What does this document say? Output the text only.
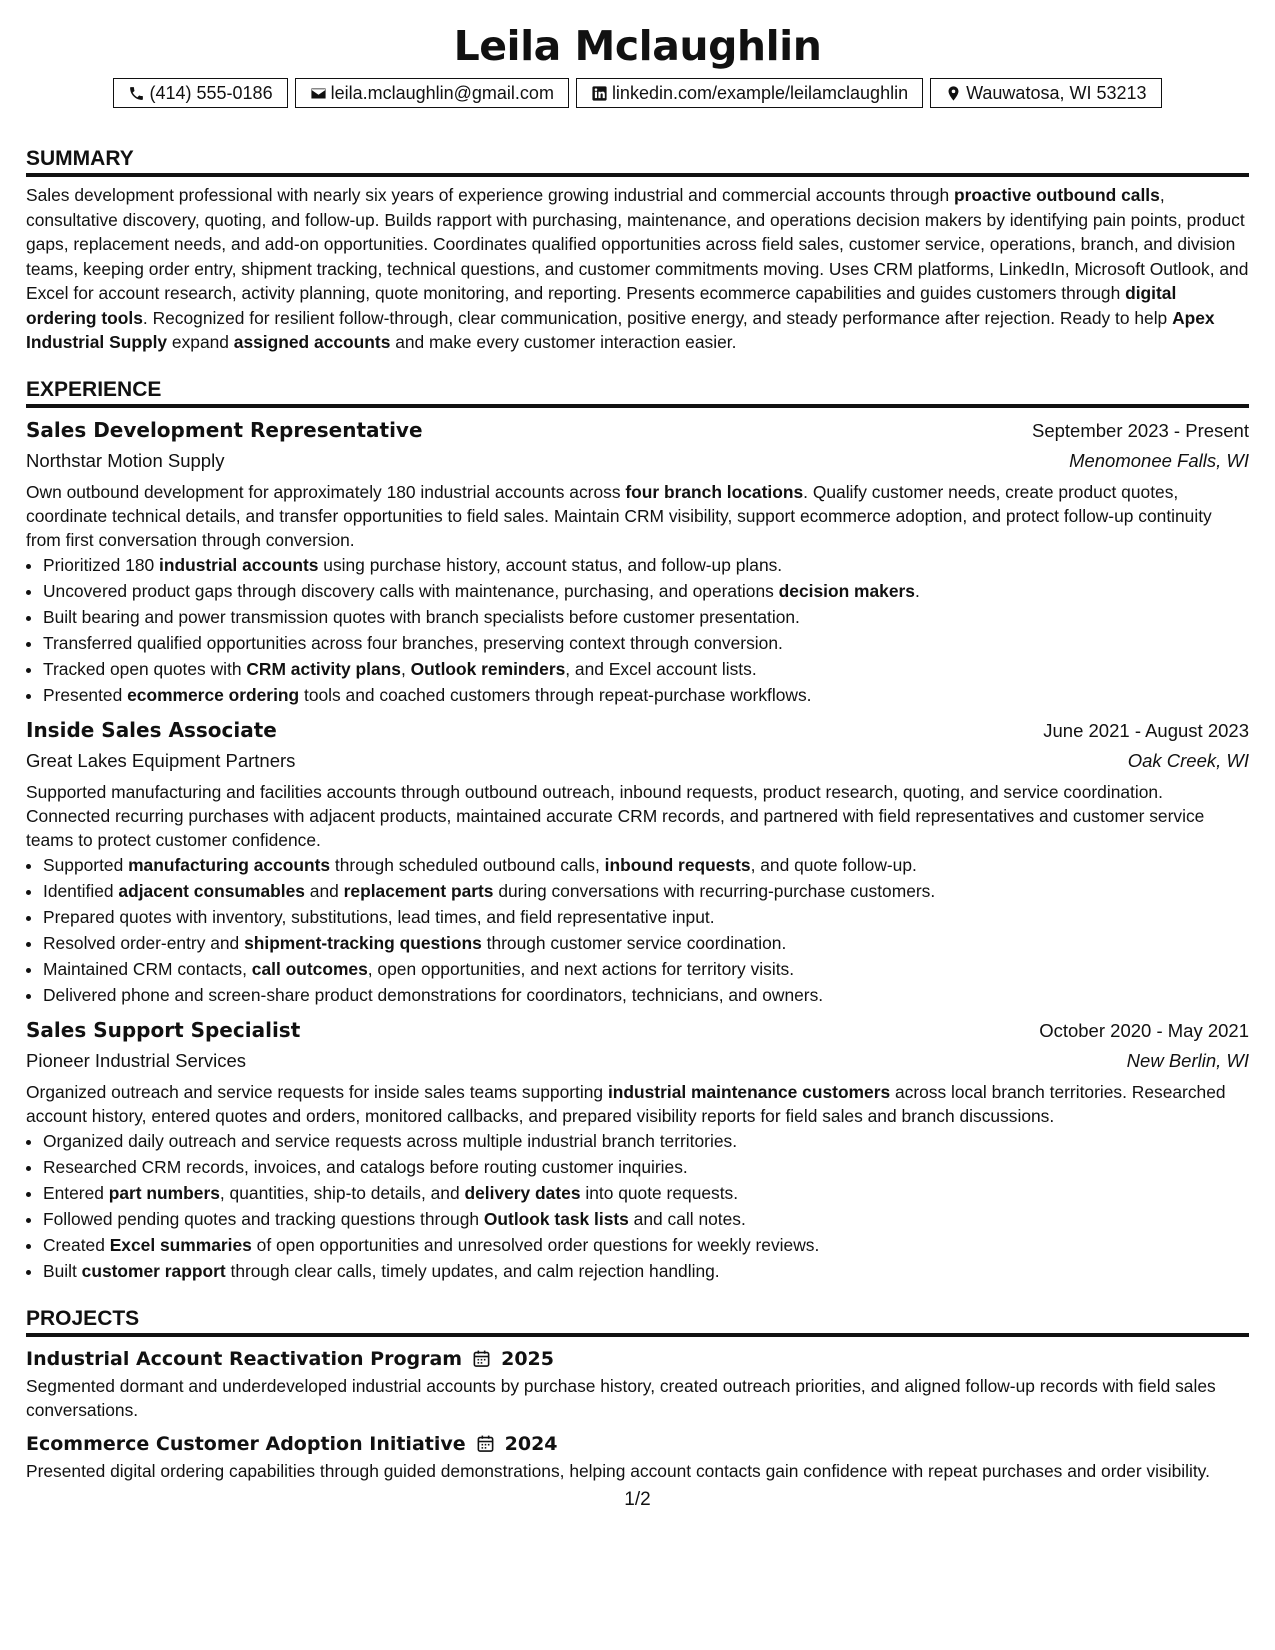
Leila Mclaughlin
(414) 555-0186	leila.mclaughlin@gmail.com	linkedin.com/example/leilamclaughlin	Wauwatosa, WI 53213
SUMMARY

Sales development professional with nearly six years of experience growing industrial and commercial accounts through proactive outbound calls, consultative discovery, quoting, and follow-up. Builds rapport with purchasing, maintenance, and operations decision makers by identifying pain points, product gaps, replacement needs, and add-on opportunities. Coordinates qualified opportunities across field sales, customer service, operations, branch, and division teams, keeping order entry, shipment tracking, technical questions, and customer commitments moving. Uses CRM platforms, LinkedIn, Microsoft Outlook, and Excel for account research, activity planning, quote monitoring, and reporting. Presents ecommerce capabilities and guides customers through digital ordering tools. Recognized for resilient follow-through, clear communication, positive energy, and steady performance after rejection. Ready to help Apex Industrial Supply expand assigned accounts and make every customer interaction easier.

EXPERIENCE
Sales Development Representative	September 2023 - Present
Northstar Motion Supply	Menomonee Falls, WI

Own outbound development for approximately 180 industrial accounts across four branch locations. Qualify customer needs, create product quotes, coordinate technical details, and transfer opportunities to field sales. Maintain CRM visibility, support ecommerce adoption, and protect follow-up continuity from first conversation through conversion.

• Prioritized 180 industrial accounts using purchase history, account status, and follow-up plans.
• Uncovered product gaps through discovery calls with maintenance, purchasing, and operations decision makers.
• Built bearing and power transmission quotes with branch specialists before customer presentation.
• Transferred qualified opportunities across four branches, preserving context through conversion.
• Tracked open quotes with CRM activity plans, Outlook reminders, and Excel account lists.
• Presented ecommerce ordering tools and coached customers through repeat-purchase workflows.
Inside Sales Associate	June 2021 - August 2023
Great Lakes Equipment Partners	Oak Creek, WI

Supported manufacturing and facilities accounts through outbound outreach, inbound requests, product research, quoting, and service coordination. Connected recurring purchases with adjacent products, maintained accurate CRM records, and partnered with field representatives and customer service teams to protect customer confidence.

• Supported manufacturing accounts through scheduled outbound calls, inbound requests, and quote follow-up.
• Identified adjacent consumables and replacement parts during conversations with recurring-purchase customers.
• Prepared quotes with inventory, substitutions, lead times, and field representative input.
• Resolved order-entry and shipment-tracking questions through customer service coordination.
• Maintained CRM contacts, call outcomes, open opportunities, and next actions for territory visits.
• Delivered phone and screen-share product demonstrations for coordinators, technicians, and owners.
Sales Support Specialist	October 2020 - May 2021
Pioneer Industrial Services	New Berlin, WI

Organized outreach and service requests for inside sales teams supporting industrial maintenance customers across local branch territories. Researched account history, entered quotes and orders, monitored callbacks, and prepared visibility reports for field sales and branch discussions.

• Organized daily outreach and service requests across multiple industrial branch territories.
• Researched CRM records, invoices, and catalogs before routing customer inquiries.
• Entered part numbers, quantities, ship-to details, and delivery dates into quote requests.
• Followed pending quotes and tracking questions through Outlook task lists and call notes.
• Created Excel summaries of open opportunities and unresolved order questions for weekly reviews.
• Built customer rapport through clear calls, timely updates, and calm rejection handling.
PROJECTS
Industrial Account Reactivation Program 2025

Segmented dormant and underdeveloped industrial accounts by purchase history, created outreach priorities, and aligned follow-up records with field sales conversations.

Ecommerce Customer Adoption Initiative 2024

Presented digital ordering capabilities through guided demonstrations, helping account contacts gain confidence with repeat purchases and order visibility.

1/2
